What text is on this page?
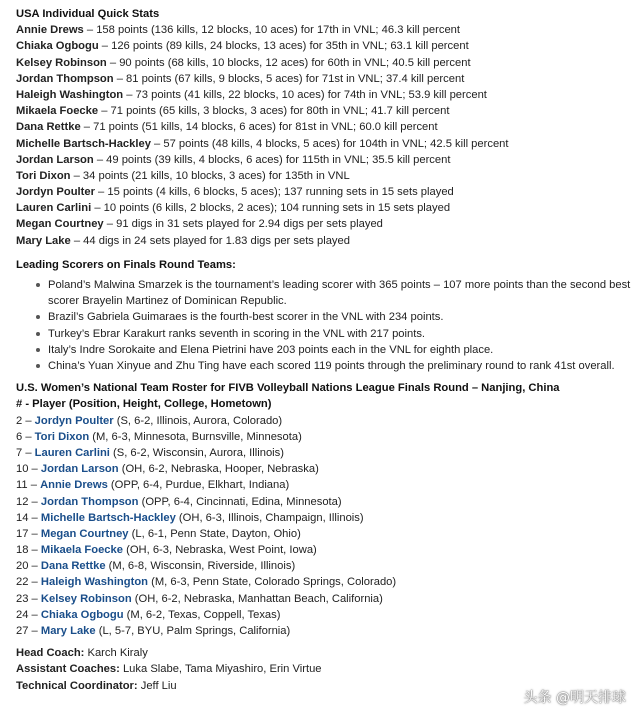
USA Individual Quick Stats
Annie Drews – 158 points (136 kills, 12 blocks, 10 aces) for 17th in VNL; 46.3 kill percent
Chiaka Ogbogu – 126 points (89 kills, 24 blocks, 13 aces) for 35th in VNL; 63.1 kill percent
Kelsey Robinson – 90 points (68 kills, 10 blocks, 12 aces) for 60th in VNL; 40.5 kill percent
Jordan Thompson – 81 points (67 kills, 9 blocks, 5 aces) for 71st in VNL; 37.4 kill percent
Haleigh Washington – 73 points (41 kills, 22 blocks, 10 aces) for 74th in VNL; 53.9 kill percent
Mikaela Foecke – 71 points (65 kills, 3 blocks, 3 aces) for 80th in VNL; 41.7 kill percent
Dana Rettke – 71 points (51 kills, 14 blocks, 6 aces) for 81st in VNL; 60.0 kill percent
Michelle Bartsch-Hackley – 57 points (48 kills, 4 blocks, 5 aces) for 104th in VNL; 42.5 kill percent
Jordan Larson – 49 points (39 kills, 4 blocks, 6 aces) for 115th in VNL; 35.5 kill percent
Tori Dixon – 34 points (21 kills, 10 blocks, 3 aces) for 135th in VNL
Jordyn Poulter – 15 points (4 kills, 6 blocks, 5 aces); 137 running sets in 15 sets played
Lauren Carlini – 10 points (6 kills, 2 blocks, 2 aces); 104 running sets in 15 sets played
Megan Courtney – 91 digs in 31 sets played for 2.94 digs per sets played
Mary Lake – 44 digs in 24 sets played for 1.83 digs per sets played
Leading Scorers on Finals Round Teams:
Poland’s Malwina Smarzek is the tournament’s leading scorer with 365 points – 107 more points than the second best scorer Brayelin Martinez of Dominican Republic.
Brazil’s Gabriela Guimaraes is the fourth-best scorer in the VNL with 234 points.
Turkey’s Ebrar Karakurt ranks seventh in scoring in the VNL with 217 points.
Italy’s Indre Sorokaite and Elena Pietrini have 203 points each in the VNL for eighth place.
China’s Yuan Xinyue and Zhu Ting have each scored 119 points through the preliminary round to rank 41st overall.
U.S. Women’s National Team Roster for FIVB Volleyball Nations League Finals Round – Nanjing, China
# - Player (Position, Height, College, Hometown)
2 – Jordyn Poulter (S, 6-2, Illinois, Aurora, Colorado)
6 – Tori Dixon (M, 6-3, Minnesota, Burnsville, Minnesota)
7 – Lauren Carlini (S, 6-2, Wisconsin, Aurora, Illinois)
10 – Jordan Larson (OH, 6-2, Nebraska, Hooper, Nebraska)
11 – Annie Drews (OPP, 6-4, Purdue, Elkhart, Indiana)
12 – Jordan Thompson (OPP, 6-4, Cincinnati, Edina, Minnesota)
14 – Michelle Bartsch-Hackley (OH, 6-3, Illinois, Champaign, Illinois)
17 – Megan Courtney (L, 6-1, Penn State, Dayton, Ohio)
18 – Mikaela Foecke (OH, 6-3, Nebraska, West Point, Iowa)
20 – Dana Rettke (M, 6-8, Wisconsin, Riverside, Illinois)
22 – Haleigh Washington (M, 6-3, Penn State, Colorado Springs, Colorado)
23 – Kelsey Robinson (OH, 6-2, Nebraska, Manhattan Beach, California)
24 – Chiaka Ogbogu (M, 6-2, Texas, Coppell, Texas)
27 – Mary Lake (L, 5-7, BYU, Palm Springs, California)
Head Coach: Karch Kiraly
Assistant Coaches: Luka Slabe, Tama Miyashiro, Erin Virtue
Technical Coordinator: Jeff Liu
头条 @明天排球
